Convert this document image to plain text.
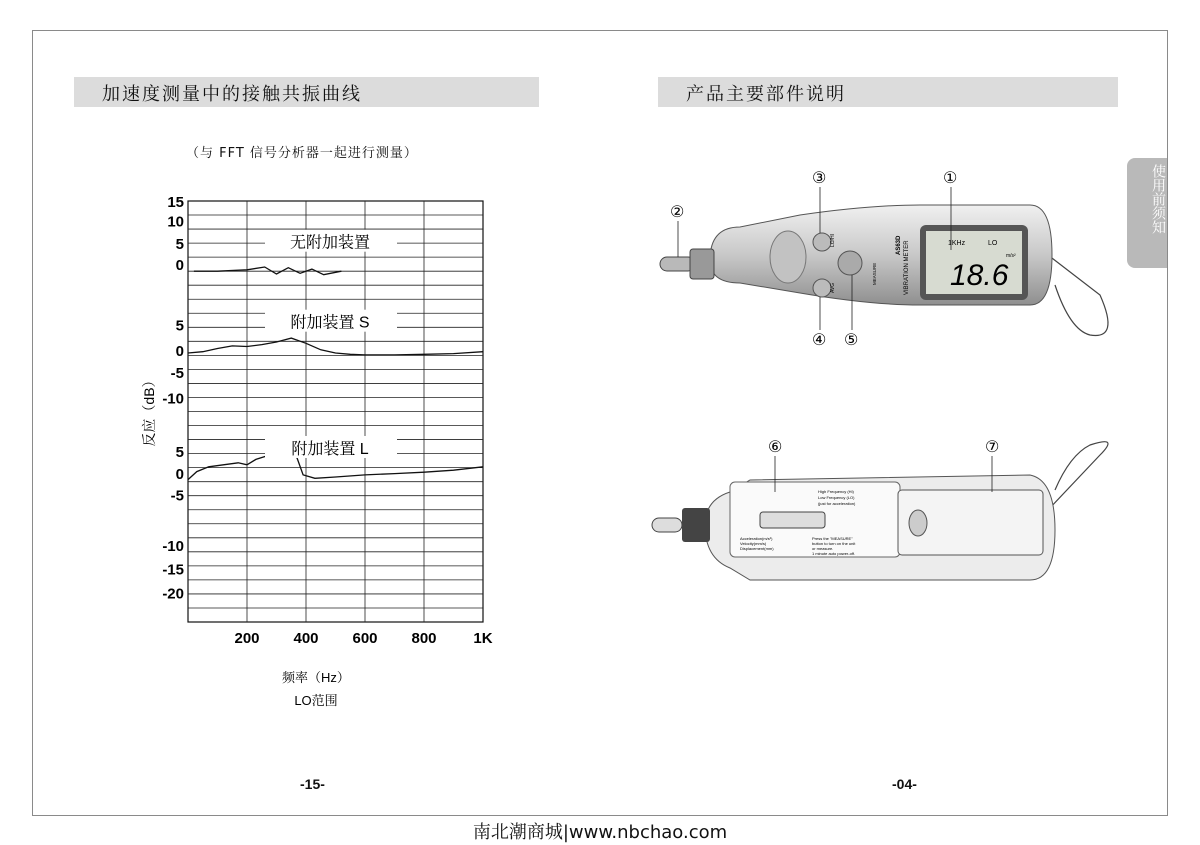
加速度测量中的接触共振曲线
（与 FFT 信号分析器一起进行测量）
产品主要部件说明
使用前须知
15
10
5
0
5
0
-5
-10
5
0
-5
-10
-15
-20
200 400 600 800 1K
无附加装置
附加装置 S
附加装置 L
反应（dB）
频率（Hz）
LO范围
LO/HI
AVG
MEASURE	VIBRATION METER
AS63D	1KHz	LO
m/s²
18.6
①
②
③
④ ⑤
High Frequency (Hi)
Low Frequency (LO)
(just for acceleration)
Acceleration(m/s²)
Velocity(mm/s)
Displacement(mm)
Press the "MEASURE"
button to turn on the unit
or measure.
1 minute auto power-off.
⑥	⑦
-15-	-04-
南北潮商城|www.nbchao.com
